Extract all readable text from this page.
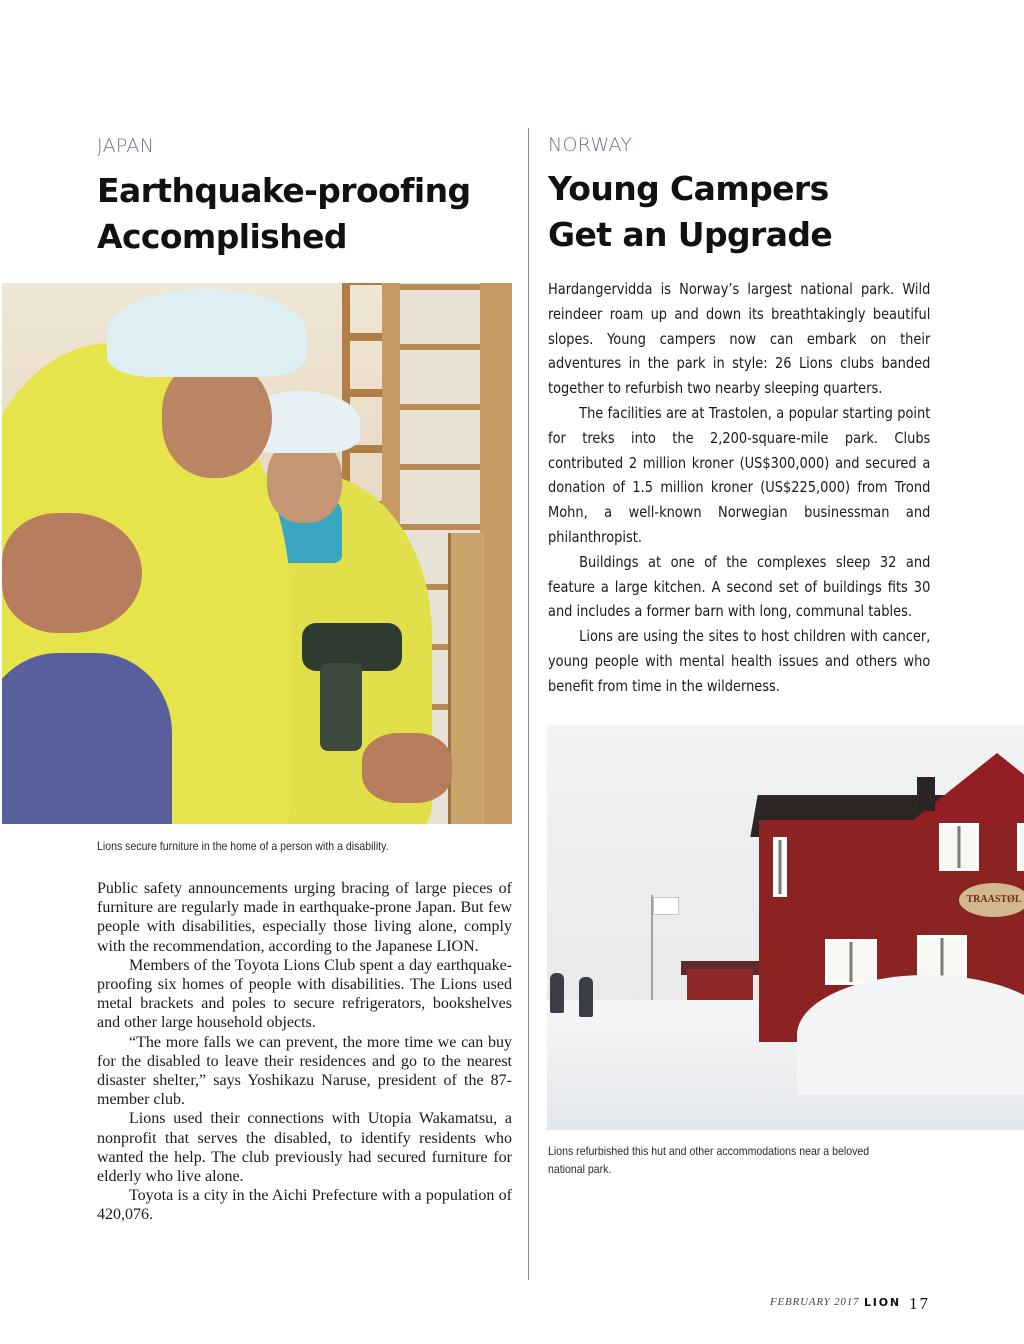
JAPAN
Earthquake-proofing
Accomplished
Lions secure furniture in the home of a person with a disability.

Public safety announcements urging bracing of large pieces of furniture are regularly made in earthquake-prone Japan. But few people with disabilities, especially those living alone, comply with the recommendation, according to the Japanese LION.

Members of the Toyota Lions Club spent a day earthquake-proofing six homes of people with disabilities. The Lions used metal brackets and poles to secure refrigerators, bookshelves and other large household objects.

“The more falls we can prevent, the more time we can buy for the disabled to leave their residences and go to the nearest disaster shelter,” says Yoshikazu Naruse, president of the 87-member club.

Lions used their connections with Utopia Wakamatsu, a nonprofit that serves the disabled, to identify residents who wanted the help. The club previously had secured furniture for elderly who live alone.

Toyota is a city in the Aichi Prefecture with a population of 420,076.

NORWAY
Young Campers
Get an Upgrade

Hardangervidda is Norway’s largest national park. Wild reindeer roam up and down its breathtakingly beautiful slopes. Young campers now can embark on their adventures in the park in style: 26 Lions clubs banded together to refurbish two nearby sleeping quarters.

The facilities are at Trastolen, a popular starting point for treks into the 2,200-square-mile park. Clubs contributed 2 million kroner (US$300,000) and secured a donation of 1.5 million kroner (US$225,000) from Trond Mohn, a well-known Norwegian businessman and philanthropist.

Buildings at one of the complexes sleep 32 and feature a large kitchen. A second set of buildings fits 30 and includes a former barn with long, communal tables.

Lions are using the sites to host children with cancer, young people with mental health issues and others who benefit from time in the wilderness.

TRAASTØL
Lions refurbished this hut and other accommodations near a beloved national park.
FEBRUARY 2017 LION 17
